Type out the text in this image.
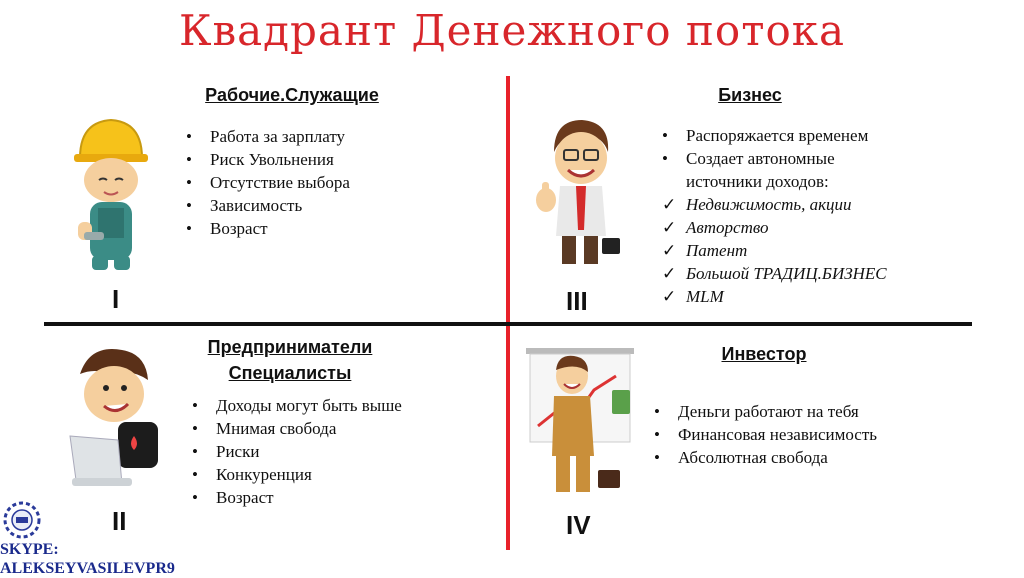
Квадрант Денежного потока
Рабочие.Служащие
•	Работа за зарплату
•	Риск Увольнения
•	Отсутствие выбора
•	Зависимость
•	Возраст
I
Бизнес
•	Распоряжается временем
•	Создает автономные источники доходов:
✓ Недвижимость, акции
✓ Авторство
✓ Патент
✓ Большой ТРАДИЦ.БИЗНЕС
✓ MLM
III
Предприниматели
Специалисты
•	Доходы могут быть выше
•	Мнимая свобода
•	Риски
•	Конкуренция
•	Возраст
II
Инвестор
•	Деньги работают на тебя
•	Финансовая независимость
•	Абсолютная свобода
IV
SKYPE:
ALEKSEYVASILEVPR9
